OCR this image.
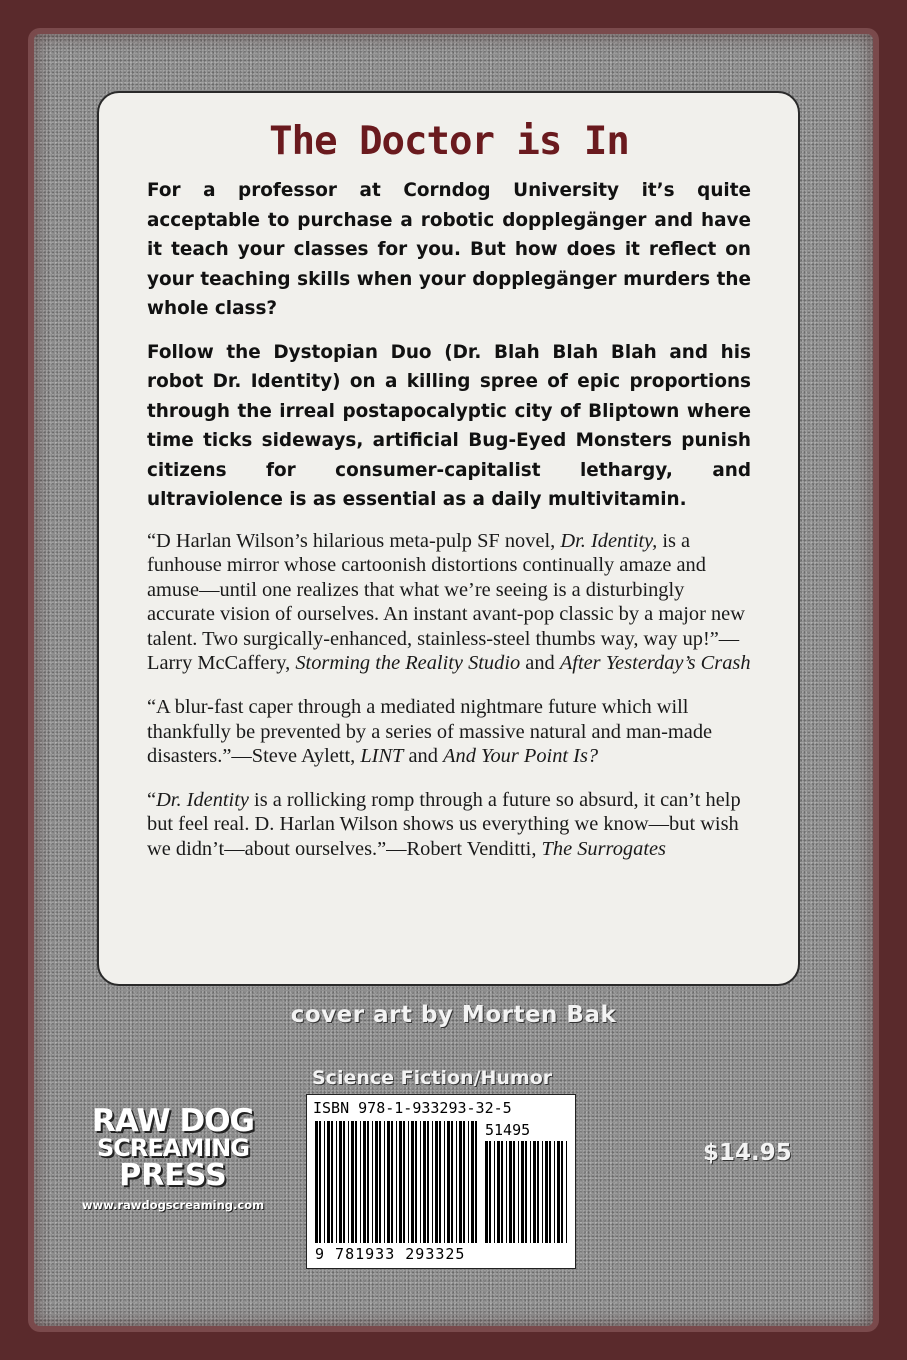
The Doctor is In

For a professor at Corndog University it’s quite acceptable to purchase a robotic dopplegänger and have it teach your classes for you. But how does it reflect on your teaching skills when your dopplegänger murders the whole class?

Follow the Dystopian Duo (Dr. Blah Blah Blah and his robot Dr. Identity) on a killing spree of epic proportions through the irreal postapocalyptic city of Bliptown where time ticks sideways, artificial Bug-Eyed Monsters punish citizens for consumer-capitalist lethargy, and ultraviolence is as essential as a daily multivitamin.

“D Harlan Wilson’s hilarious meta-pulp SF novel, Dr. Identity, is a funhouse mirror whose cartoonish distortions continually amaze and amuse—until one realizes that what we’re seeing is a disturbingly accurate vision of ourselves. An instant avant-pop classic by a major new talent. Two surgically-enhanced, stainless-steel thumbs way, way up!”—Larry McCaffery, Storming the Reality Studio and After Yesterday’s Crash

“A blur-fast caper through a mediated nightmare future which will thankfully be prevented by a series of massive natural and man-made disasters.”—Steve Aylett, LINT and And Your Point Is?

“Dr. Identity is a rollicking romp through a future so absurd, it can’t help but feel real. D. Harlan Wilson shows us everything we know—but wish we didn’t—about ourselves.”—Robert Venditti, The Surrogates

cover art by Morten Bak
Science Fiction/Humor
ISBN 978-1-933293-32-5
51495
9 781933 293325
RAW DOG
SCREAMING
PRESS
www.rawdogscreaming.com
$14.95
